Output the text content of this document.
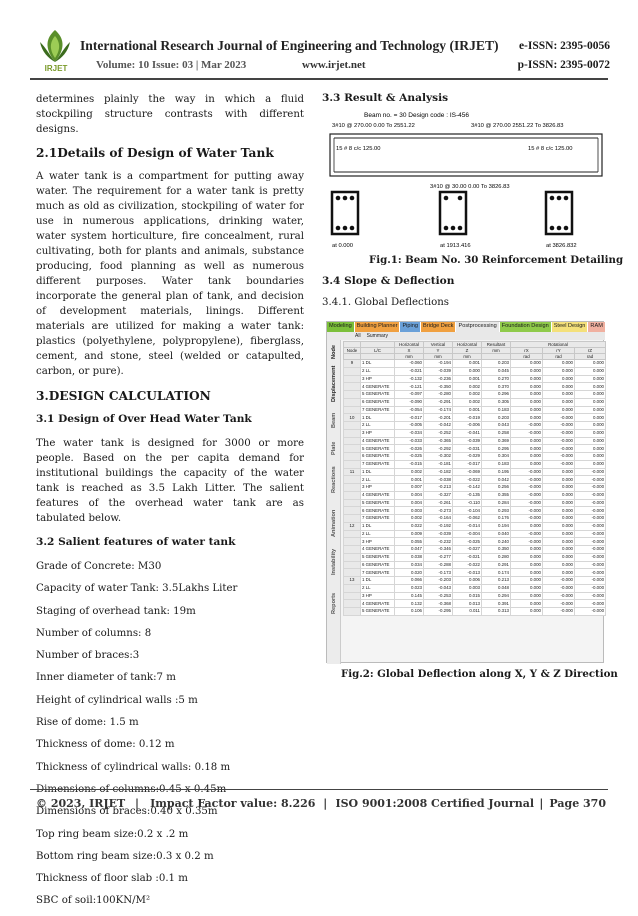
IRJET
International Research Journal of Engineering and Technology (IRJET) e-ISSN: 2395-0056
Volume: 10 Issue: 03 | Mar 2023	www.irjet.net	p-ISSN: 2395-0072

determines plainly the way in which a fluid stockpiling structure contrasts with different designs.

2.1Details of Design of Water Tank

A water tank is a compartment for putting away water. The requirement for a water tank is pretty much as old as civilization, stockpiling of water for use in numerous applications, drinking water, water system horticulture, fire concealment, rural cultivating, both for plants and animals, substance producing, food planning as well as numerous different purposes. Water tank boundaries incorporate the general plan of tank, and decision of development materials, linings. Different materials are utilized for making a water tank: plastics (polyethylene, polypropylene), fiberglass, cement, and stone, steel (welded or catapulted, carbon, or pure).

3.DESIGN CALCULATION
3.1 Design of Over Head Water Tank

The water tank is designed for 3000 or more people. Based on the per capita demand for institutional buildings the capacity of the water tank is reached as 3.5 Lakh Litter. The salient features of the overhead water tank are as tabulated below.

3.2 Salient features of water tank
Grade of Concrete: M30
Capacity of water Tank: 3.5Lakhs Liter
Staging of overhead tank: 19m
Number of columns: 8
Number of braces:3
Inner diameter of tank:7 m
Height of cylindrical walls :5 m
Rise of dome: 1.5 m
Thickness of dome: 0.12 m
Thickness of cylindrical walls: 0.18 m
Dimensions of braces:0.40 x 0.35m
Top ring beam size:0.2 x .2 m
Bottom ring beam size:0.3 x 0.2 m
Thickness of floor slab :0.1 m
SBC of soil:100KN/M²
3.3 Result & Analysis
Beam no. = 30 Design code : IS-456
3#10 @ 270.00 0.00 To 2551.22	3#10 @ 270.00 2551.22 To 3826.83
15 # 8 c/c 125.00	15 # 8 c/c 125.00
3#10 @ 30.00 0.00 To 3826.83
at 0.000	at 1913.416	at 3826.832
Fig.1: Beam No. 30 Reinforcement Detailing
3.4 Slope & Deflection
3.4.1. Global Deflections
Modeling Building Planner Piping Bridge Deck Postprocessing Foundation Design Steel Design RAM
All Summary
Node
Displacement
Beam
Plate
Reactions
Animation
Instability
Reports
		Horizontal	Vertical	Horizontal	Resultant	Rotational		
Node	L/C	X	Y	Z	mm	rX	rY	rZ
		mm	mm	mm		rad	rad	rad
9	1 DL	-0.060	-0.194	0.001	0.203	0.000	0.000	0.000
	2 LL	-0.021	-0.039	0.000	0.045	0.000	0.000	0.000
	3 HP	-0.132	-0.236	0.001	0.270	0.000	0.000	0.000
	4 GENERATE	-0.121	-0.350	0.002	0.370	0.000	0.000	0.000
	5 GENERATE	-0.097	-0.280	0.002	0.296	0.000	0.000	0.000
	6 GENERATE	-0.090	-0.291	0.002	0.305	0.000	0.000	0.000
	7 GENERATE	-0.054	-0.174	0.001	0.183	0.000	0.000	0.000
10	1 DL	-0.017	-0.201	-0.019	0.203	0.000	-0.000	0.000
	2 LL	-0.005	-0.042	-0.006	0.043	-0.000	-0.000	0.000
	3 HP	-0.034	-0.252	-0.041	0.258	-0.000	-0.000	0.000
	4 GENERATE	-0.033	-0.365	-0.039	0.369	0.000	-0.000	0.000
	5 GENERATE	-0.026	-0.292	-0.031	0.295	0.000	-0.000	0.000
	6 GENERATE	-0.025	-0.302	-0.029	0.304	0.000	-0.000	0.000
	7 GENERATE	-0.015	-0.181	-0.017	0.183	0.000	-0.000	0.000
11	1 DL	0.002	-0.182	-0.069	0.195	-0.000	0.000	-0.000
	2 LL	0.001	-0.038	-0.022	0.042	-0.000	0.000	-0.000
	3 HP	0.007	-0.213	-0.142	0.256	-0.000	0.000	-0.000
	4 GENERATE	0.004	-0.327	-0.135	0.355	-0.000	0.000	-0.000
	5 GENERATE	0.004	-0.261	-0.110	0.284	-0.000	0.000	-0.000
	6 GENERATE	0.003	-0.273	-0.104	0.293	-0.000	0.000	-0.000
	7 GENERATE	0.002	-0.164	-0.062	0.176	-0.000	0.000	-0.000
12	1 DL	0.022	-0.192	-0.014	0.194	0.000	0.000	-0.000
	2 LL	0.009	-0.039	-0.004	0.040	-0.000	0.000	-0.000
	3 HP	0.055	-0.232	-0.025	0.240	-0.000	0.000	-0.000
	4 GENERATE	0.047	-0.346	-0.027	0.350	0.000	0.000	-0.000
	5 GENERATE	0.038	-0.277	-0.021	0.280	0.000	0.000	-0.000
	6 GENERATE	0.034	-0.288	-0.022	0.291	0.000	0.000	-0.000
	7 GENERATE	0.020	-0.173	-0.013	0.174	0.000	0.000	-0.000
13	1 DL	0.066	-0.203	0.006	0.213	0.000	-0.000	-0.000
	2 LL	0.023	-0.043	0.003	0.048	0.000	-0.000	-0.000
	3 HP	0.145	-0.253	0.015	0.294	0.000	-0.000	-0.000
	4 GENERATE	0.132	-0.368	0.013	0.391	0.000	-0.000	-0.000
	5 GENERATE	0.106	-0.295	0.011	0.313	0.000	-0.000	-0.000
Fig.2: Global Deflection along X, Y & Z Direction
© 2023, IRJET |	Impact Factor value: 8.226 | ISO 9001:2008 Certified Journal | Page 370
